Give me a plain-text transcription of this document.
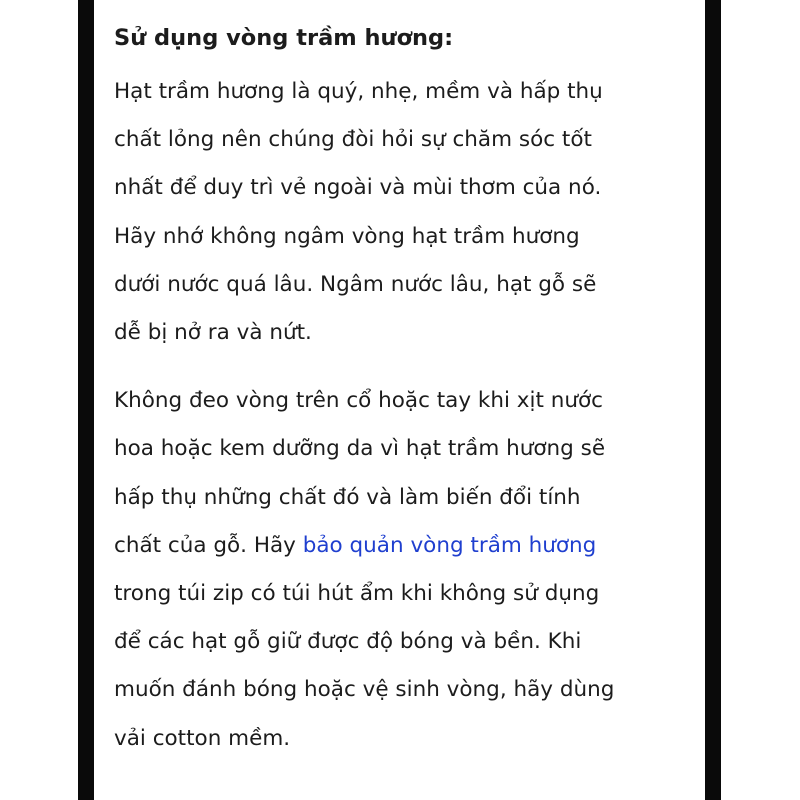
Sử dụng vòng trầm hương:

Hạt trầm hương là quý, nhẹ, mềm và hấp thụ
chất lỏng nên chúng đòi hỏi sự chăm sóc tốt
nhất để duy trì vẻ ngoài và mùi thơm của nó.
Hãy nhớ không ngâm vòng hạt trầm hương
dưới nước quá lâu. Ngâm nước lâu, hạt gỗ sẽ
dễ bị nở ra và nứt.

Không đeo vòng trên cổ hoặc tay khi xịt nước
hoa hoặc kem dưỡng da vì hạt trầm hương sẽ
hấp thụ những chất đó và làm biến đổi tính
chất của gỗ. Hãy bảo quản vòng trầm hương
trong túi zip có túi hút ẩm khi không sử dụng
để các hạt gỗ giữ được độ bóng và bền. Khi
muốn đánh bóng hoặc vệ sinh vòng, hãy dùng
vải cotton mềm.
